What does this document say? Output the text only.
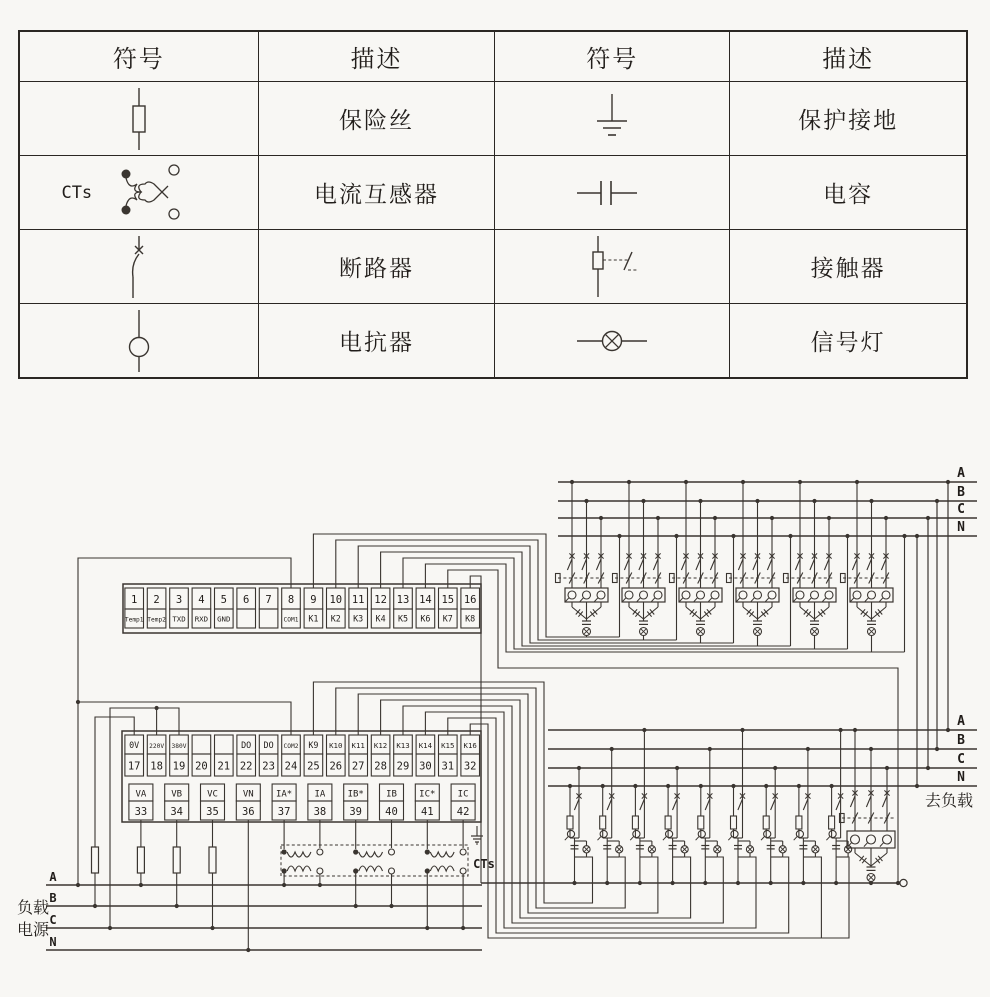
符号	描述	符号	描述

	保险丝		保护接地

CTs	电流互感器		电容

	断路器		接触器

	电抗器		信号灯
A
B
C
N
A
B
C
N
去负载
A
B
C
N
负载
电源
1
Temp1
2
Temp2
3
TXD
4
RXD
5
GND
6 7 8
COM1
9
K1
10
K2
11
K3
12
K4
13
K5
14
K6
15
K7
16
K8
0V
17
220V
18
380V
19 20 21
DO
22
DO
23
COM2
24
K9
25
K10
26
K11
27
K12
28
K13
29
K14
30
K15
31
K16
32
VA
33
VB
34
VC
35
VN
36
IA*
37
IA
38
IB*
39
IB
40
IC*
41
IC
42
CTs
